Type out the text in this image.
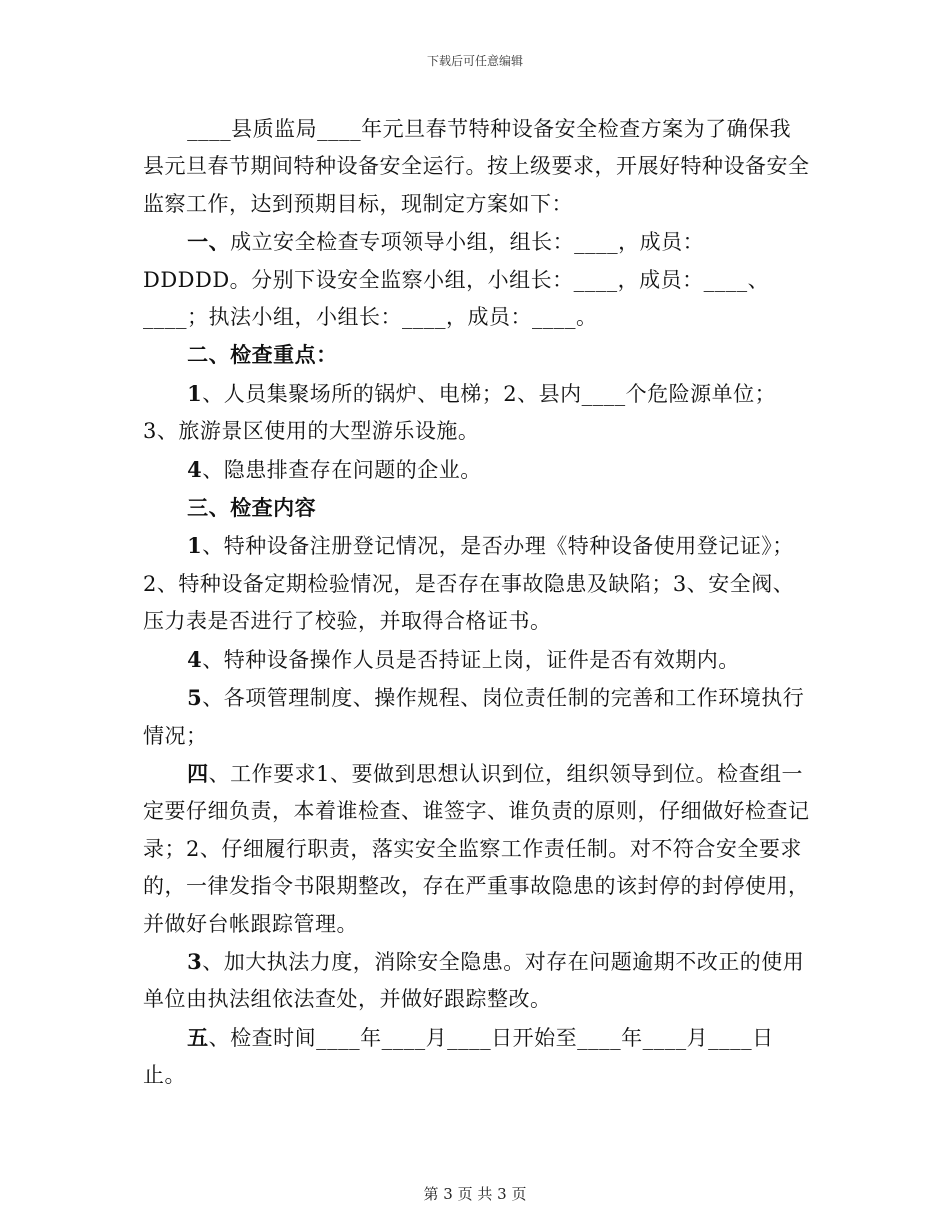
下载后可任意编辑

____县质监局____年元旦春节特种设备安全检查方案为了确保我县元旦春节期间特种设备安全运行。按上级要求，开展好特种设备安全监察工作，达到预期目标，现制定方案如下：

一、成立安全检查专项领导小组，组长：____，成员：DDDDD。分别下设安全监察小组，小组长：____，成员：____、____；执法小组，小组长：____，成员：____。

二、检查重点：

1、人员集聚场所的锅炉、电梯；2、县内____个危险源单位；3、旅游景区使用的大型游乐设施。

4、隐患排查存在问题的企业。

三、检查内容

1、特种设备注册登记情况，是否办理《特种设备使用登记证》；2、特种设备定期检验情况，是否存在事故隐患及缺陷；3、安全阀、压力表是否进行了校验，并取得合格证书。

4、特种设备操作人员是否持证上岗，证件是否有效期内。

5、各项管理制度、操作规程、岗位责任制的完善和工作环境执行情况；

四、工作要求1、要做到思想认识到位，组织领导到位。检查组一定要仔细负责，本着谁检查、谁签字、谁负责的原则，仔细做好检查记录；2、仔细履行职责，落实安全监察工作责任制。对不符合安全要求的，一律发指令书限期整改，存在严重事故隐患的该封停的封停使用，并做好台帐跟踪管理。

3、加大执法力度，消除安全隐患。对存在问题逾期不改正的使用单位由执法组依法查处，并做好跟踪整改。

五、检查时间____年____月____日开始至____年____月____日止。

第 3 页 共 3 页
